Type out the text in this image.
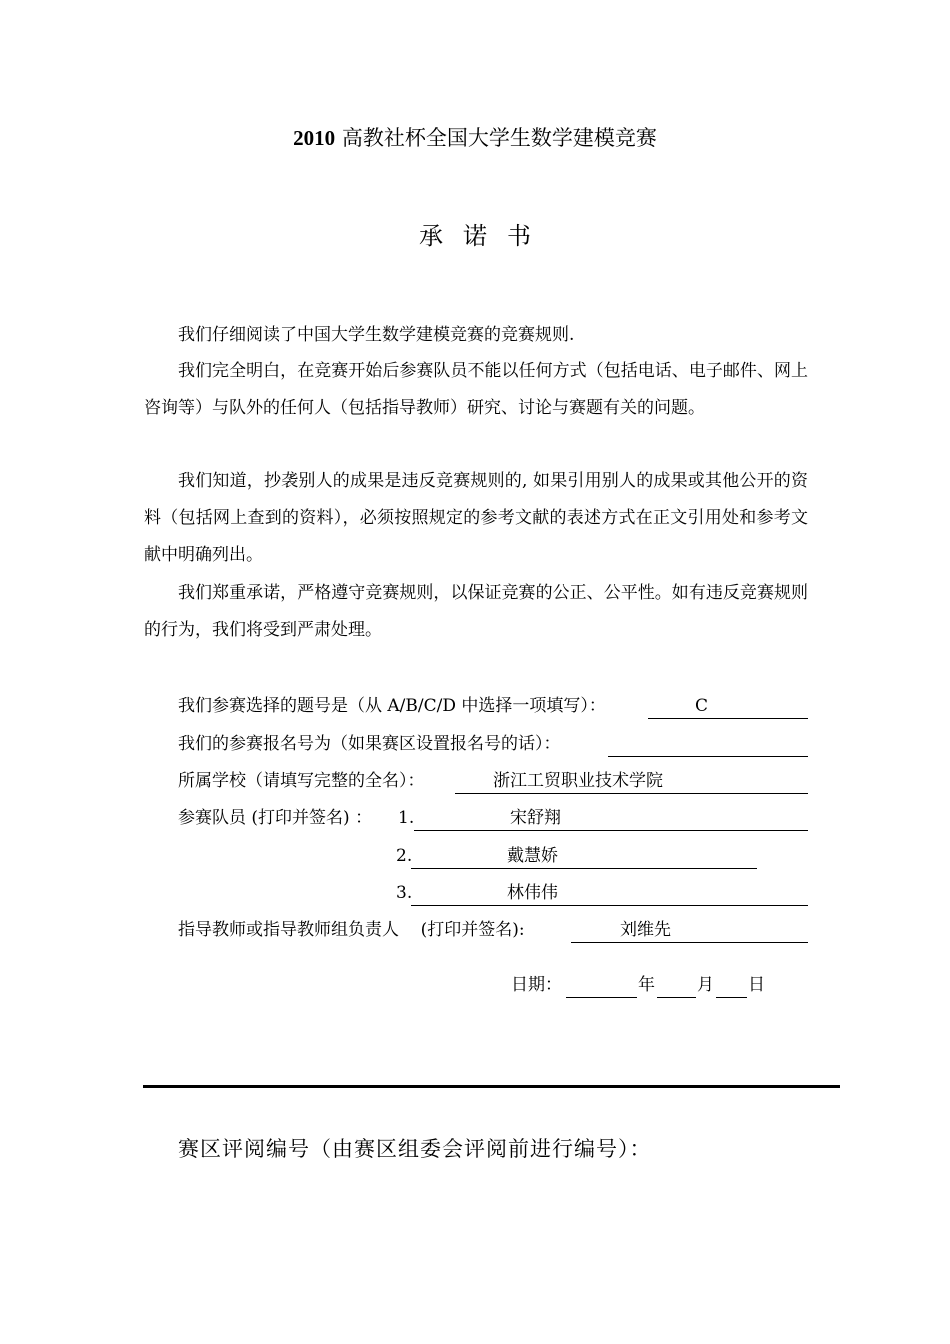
2010 高教社杯全国大学生数学建模竞赛
承诺书
我们仔细阅读了中国大学生数学建模竞赛的竞赛规则.
我们完全明白，在竞赛开始后参赛队员不能以任何方式（包括电话、电子邮件、网上咨询等）与队外的任何人（包括指导教师）研究、讨论与赛题有关的问题。
我们知道，抄袭别人的成果是违反竞赛规则的, 如果引用别人的成果或其他公开的资料（包括网上查到的资料），必须按照规定的参考文献的表述方式在正文引用处和参考文献中明确列出。
我们郑重承诺，严格遵守竞赛规则，以保证竞赛的公正、公平性。如有违反竞赛规则的行为，我们将受到严肃处理。
我们参赛选择的题号是（从 A/B/C/D 中选择一项填写）：	C
我们的参赛报名号为（如果赛区设置报名号的话）：
所属学校（请填写完整的全名）：	浙江工贸职业技术学院
参赛队员 (打印并签名) ： 1.	宋舒翔
2.	戴慧娇
3.	林伟伟
指导教师或指导教师组负责人    (打印并签名):	刘维先
日期：	年 月 日
赛区评阅编号（由赛区组委会评阅前进行编号）：
